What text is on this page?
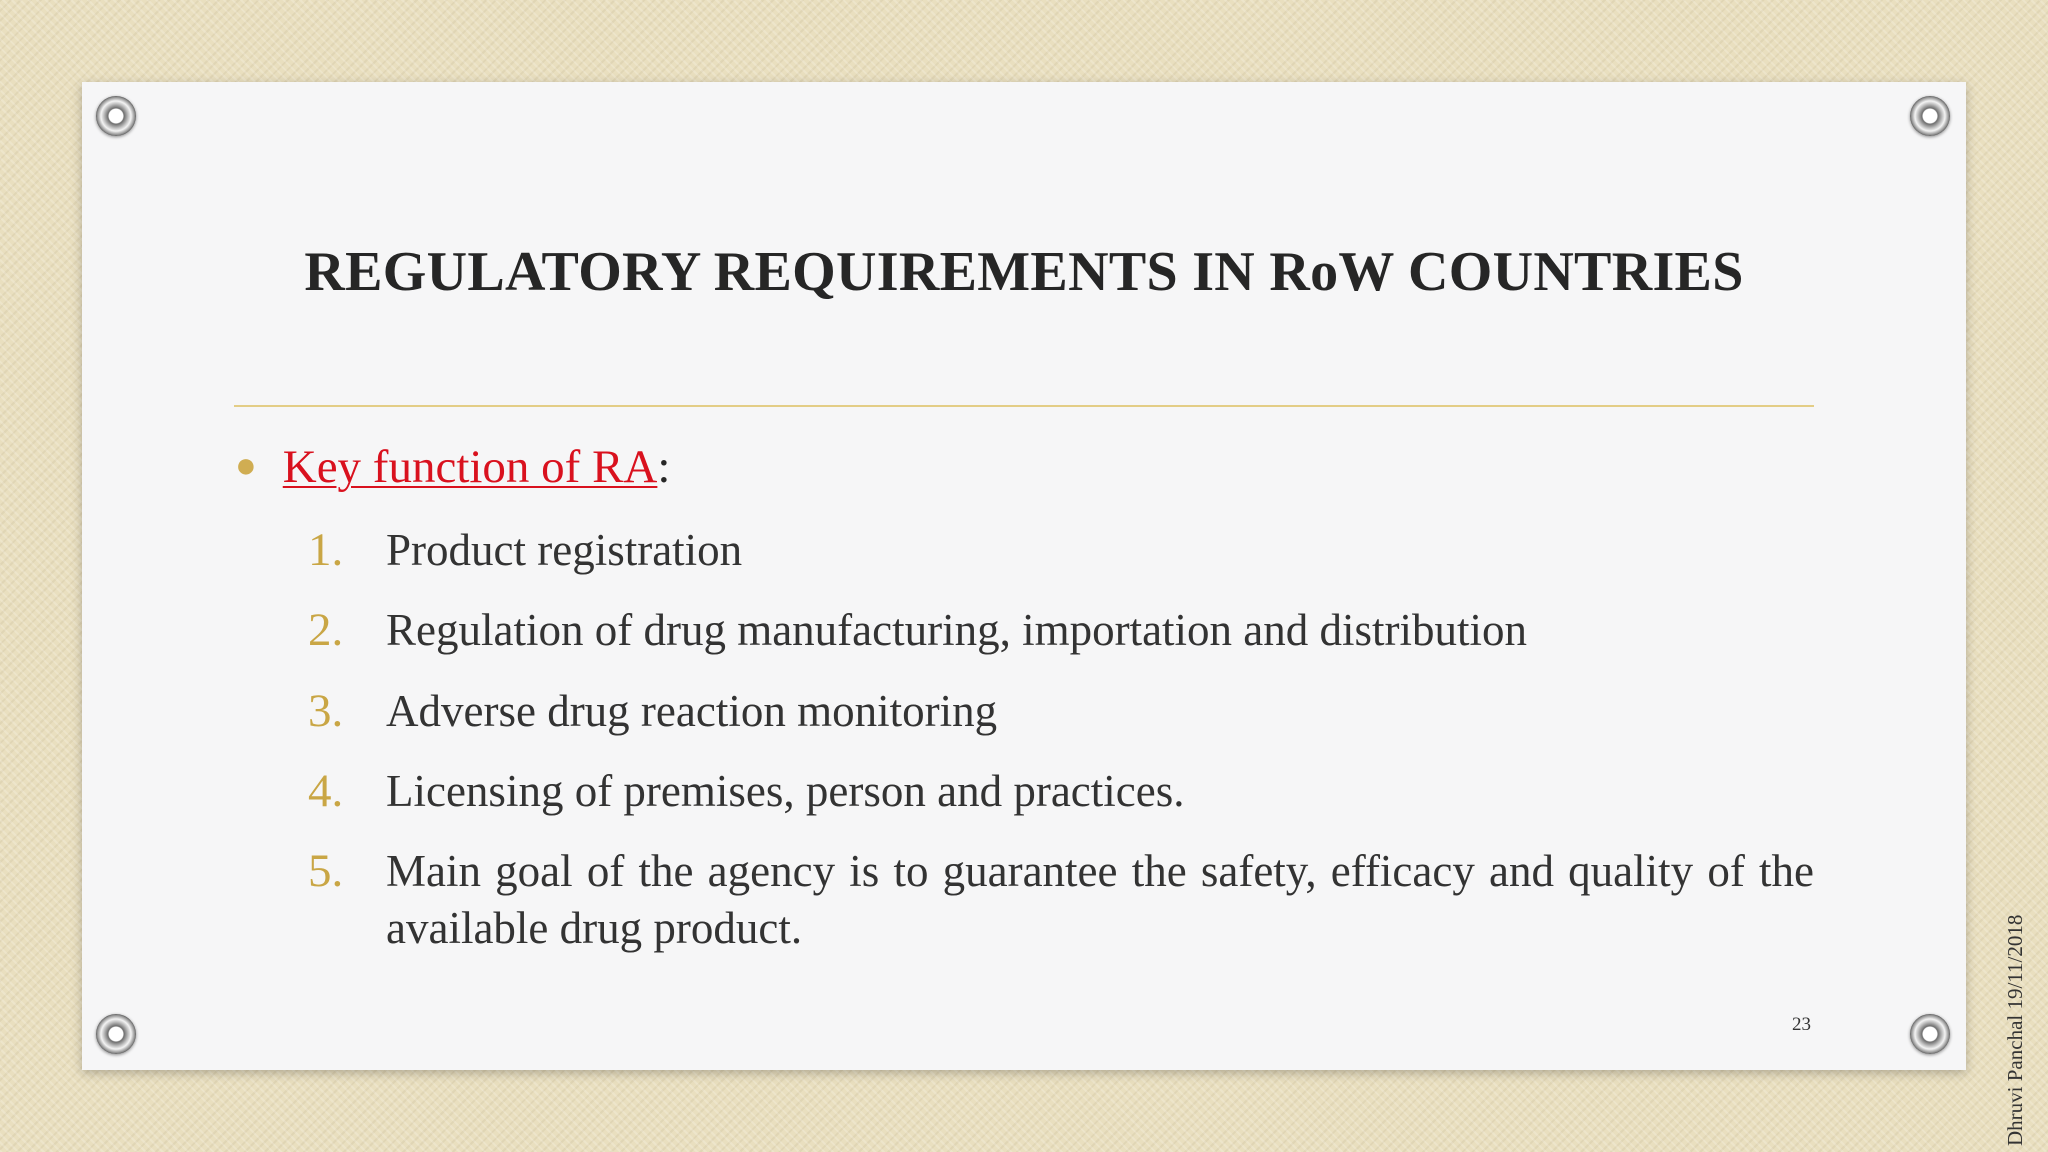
REGULATORY REQUIREMENTS IN RoW COUNTRIES
● Key function of RA:
1. Product registration
2. Regulation of drug manufacturing, importation and distribution
3. Adverse drug reaction monitoring
4. Licensing of premises, person and practices.
5. Main goal of the agency is to guarantee the safety, efficacy and quality of the available drug product.
23	Dhruvi Panchal 19/11/2018
